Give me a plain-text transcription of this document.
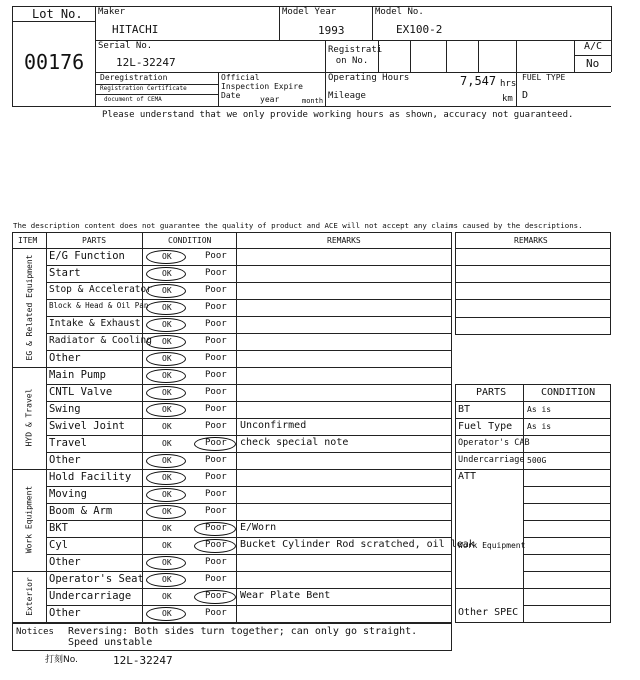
Lot No.
00176
Maker
HITACHI
Model Year
1993
Model No.
EX100-2
Serial No.
12L-32247
Registrati on No.
A/C
No
Deregistration
Registration Certificate
document of CEMA
Official Inspection Expire Date	year	month
Operating Hours	7,547 hrs
Mileage	km
FUEL TYPE
D
Please understand that we only provide working hours as shown, accuracy not guaranteed.
The description content does not guarantee the quality of product and ACE will not accept any claims caused by the descriptions.
ITEM	PARTS	CONDITION	REMARKS
E/G Function	OK	Poor
Start	OK	Poor
Stop & Accelerator OK	Poor
Block & Head & Oil Pan OK	Poor
Intake & Exhaust	OK	Poor
Radiator & Cooling OK	Poor
Other	OK	Poor
EG & Related Equipment
Main Pump	OK	Poor
CNTL Valve	OK	Poor
Swing	OK	Poor
Swivel Joint	OK	Poor Unconfirmed
Travel	OK	Poor check special note
Other	OK	Poor
HYD & Travel
Hold Facility	OK	Poor
Moving	OK	Poor
Boom & Arm	OK	Poor
BKT	OK	Poor E/Worn
Cyl	OK	Poor Bucket Cylinder Rod scratched, oil leak
Other	OK	Poor
Work Equipment
Operator's Seat OK	Poor
Undercarriage	OK	Poor Wear Plate Bent
Other	OK	Poor
Exterior
REMARKS
PARTS	CONDITION
BT	As is
Fuel Type As is
Operator's CAB
Undercarriage 500G
ATT
Work Equipment
Other SPEC
Notices Reversing: Both sides turn together; can only go straight. Speed unstable
打刻No.	12L-32247
